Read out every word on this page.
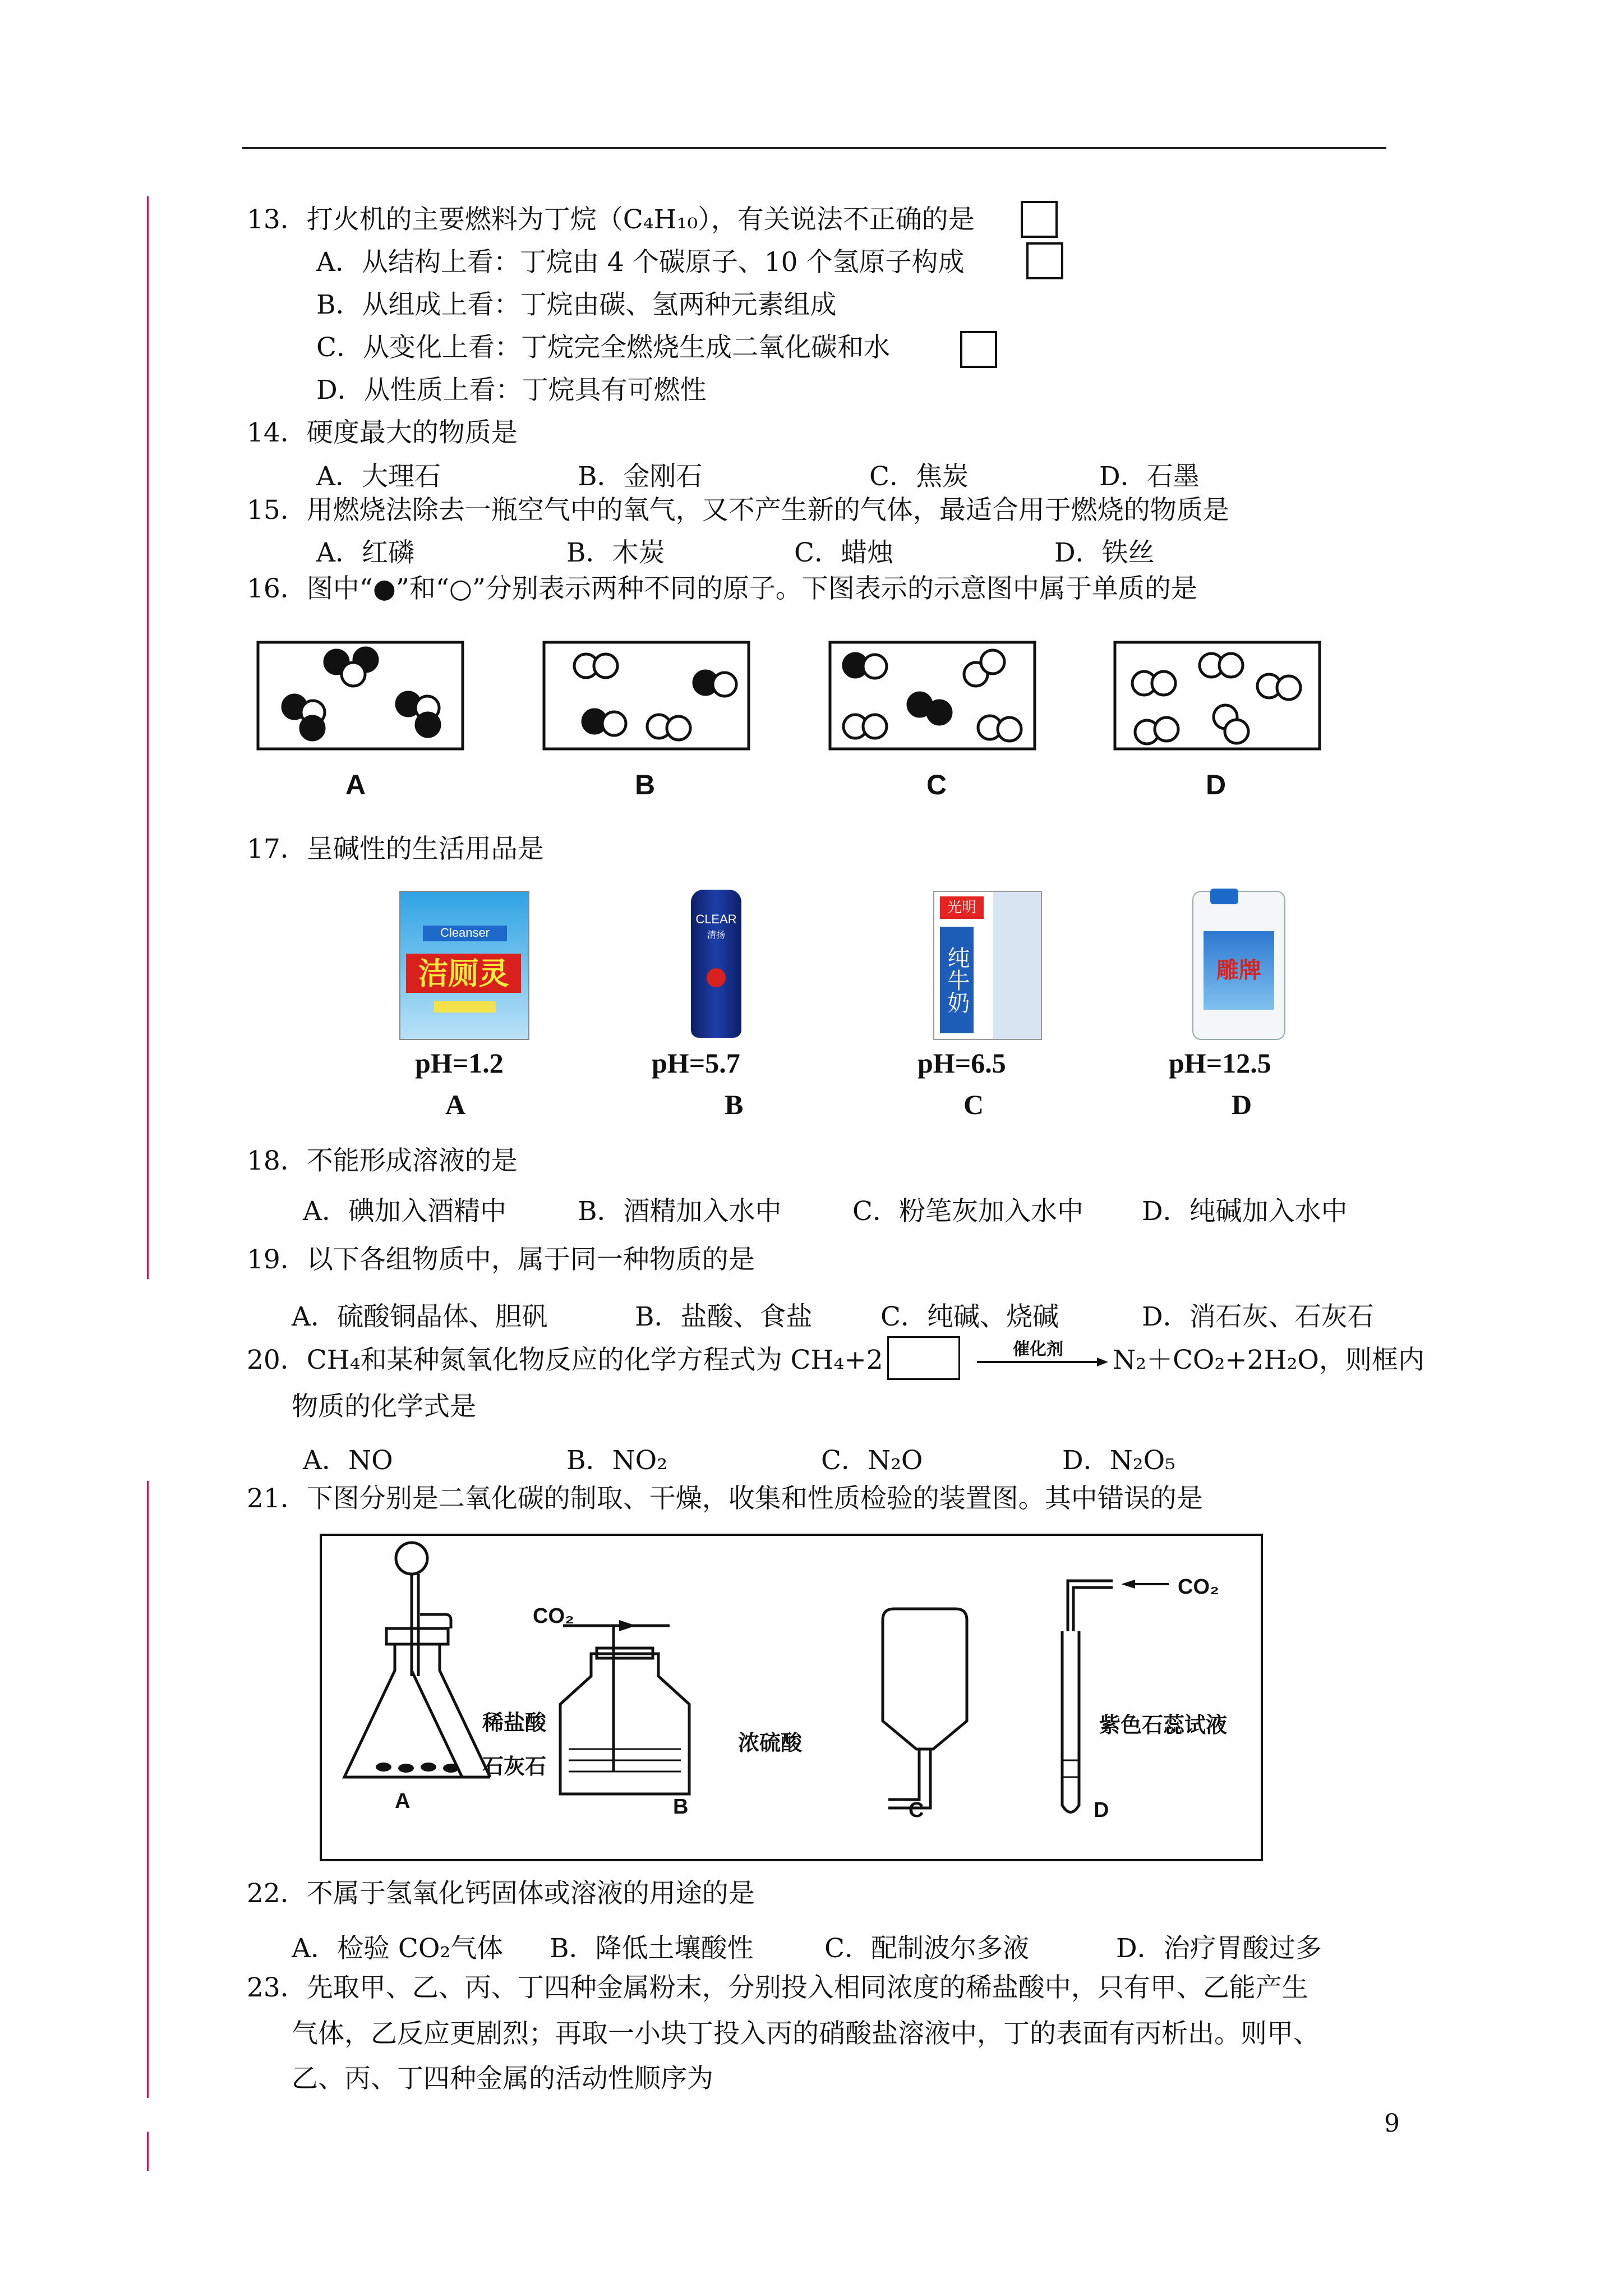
13．打火机的主要燃料为丁烷（C₄H₁₀），有关说法不正确的是
A．从结构上看：丁烷由 4 个碳原子、10 个氢原子构成
B．从组成上看：丁烷由碳、氢两种元素组成
C．从变化上看：丁烷完全燃烧生成二氧化碳和水
D．从性质上看：丁烷具有可燃性
14．硬度最大的物质是
A．大理石	B．金刚石	C．焦炭	D．石墨
15．用燃烧法除去一瓶空气中的氧气，又不产生新的气体，最适合用于燃烧的物质是
A．红磷	B．木炭	C．蜡烛	D．铁丝
16．图中“●”和“○”分别表示两种不同的原子。下图表示的示意图中属于单质的是
A	B	C	D
17．呈碱性的生活用品是
Cleanser
洁厕灵
CLEAR
清扬
光明
纯牛奶	雕牌
pH=1.2	pH=5.7	pH=6.5	pH=12.5
A	B	C	D
18．不能形成溶液的是
A．碘加入酒精中	B．酒精加入水中	C．粉笔灰加入水中 D．纯碱加入水中
19．以下各组物质中，属于同一种物质的是
A．硫酸铜晶体、胆矾	B．盐酸、食盐	C．纯碱、烧碱	D．消石灰、石灰石
20．CH₄和某种氮氧化物反应的化学方程式为 CH₄+2	催化剂 N₂＋CO₂+2H₂O，则框内
物质的化学式是
A．NO	B．NO₂	C．N₂O	D．N₂O₅
21．下图分别是二氧化碳的制取、干燥，收集和性质检验的装置图。其中错误的是
CO₂
CO₂
稀盐酸
石灰石
浓硫酸
紫色石蕊试液
A	B	C	D
22．不属于氢氧化钙固体或溶液的用途的是
A．检验 CO₂气体 B．降低土壤酸性	C．配制波尔多液	D．治疗胃酸过多
23．先取甲、乙、丙、丁四种金属粉末，分别投入相同浓度的稀盐酸中，只有甲、乙能产生
气体，乙反应更剧烈；再取一小块丁投入丙的硝酸盐溶液中，丁的表面有丙析出。则甲、
乙、丙、丁四种金属的活动性顺序为
9
